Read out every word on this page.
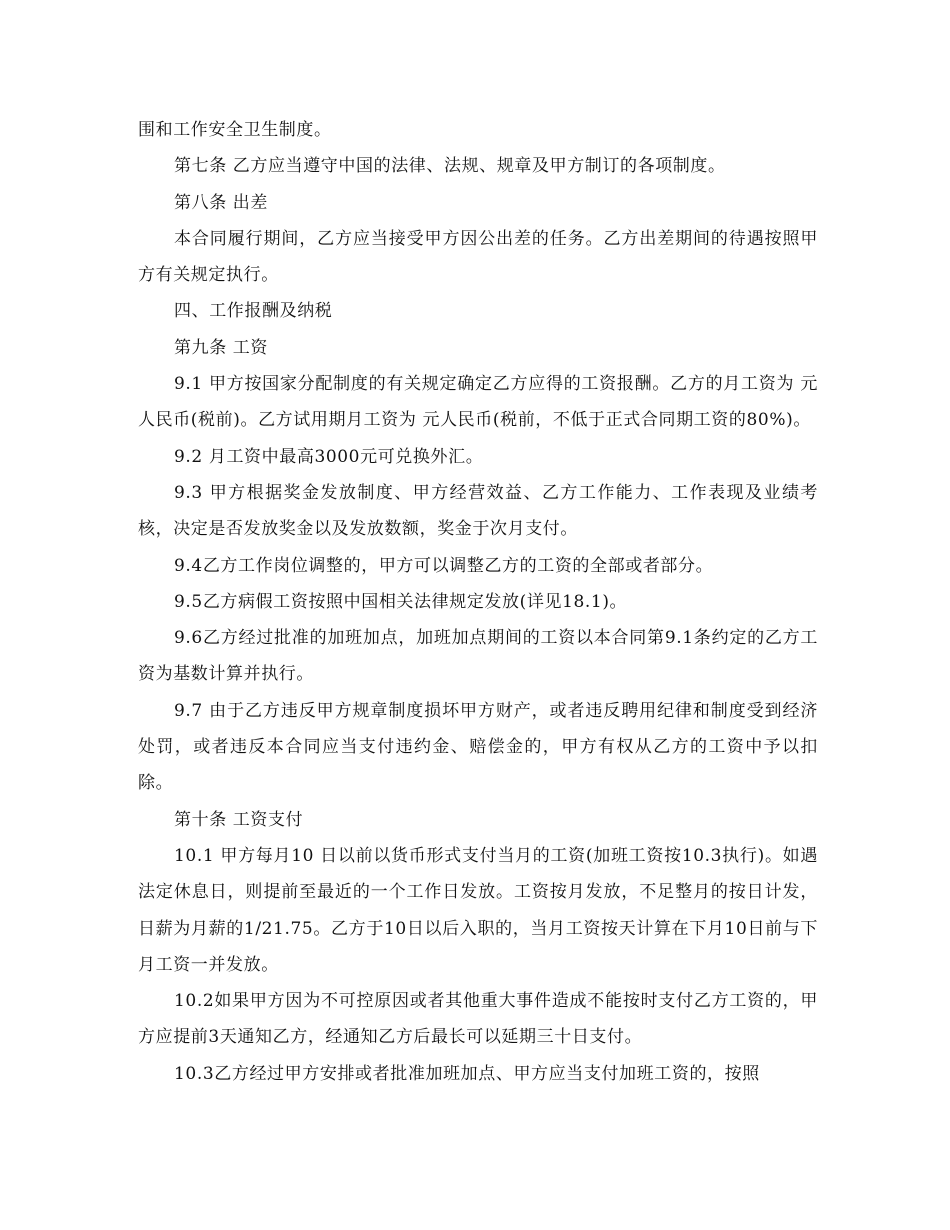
围和工作安全卫生制度。

第七条 乙方应当遵守中国的法律、法规、规章及甲方制订的各项制度。

第八条 出差

本合同履行期间，乙方应当接受甲方因公出差的任务。乙方出差期间的待遇按照甲方有关规定执行。

四、工作报酬及纳税

第九条 工资

9.1 甲方按国家分配制度的有关规定确定乙方应得的工资报酬。乙方的月工资为 元人民币(税前)。乙方试用期月工资为 元人民币(税前，不低于正式合同期工资的80%)。

9.2 月工资中最高3000元可兑换外汇。

9.3 甲方根据奖金发放制度、甲方经营效益、乙方工作能力、工作表现及业绩考核，决定是否发放奖金以及发放数额，奖金于次月支付。

9.4乙方工作岗位调整的，甲方可以调整乙方的工资的全部或者部分。

9.5乙方病假工资按照中国相关法律规定发放(详见18.1)。

9.6乙方经过批准的加班加点，加班加点期间的工资以本合同第9.1条约定的乙方工资为基数计算并执行。

9.7 由于乙方违反甲方规章制度损坏甲方财产，或者违反聘用纪律和制度受到经济处罚，或者违反本合同应当支付违约金、赔偿金的，甲方有权从乙方的工资中予以扣除。

第十条 工资支付

10.1 甲方每月10 日以前以货币形式支付当月的工资(加班工资按10.3执行)。如遇法定休息日，则提前至最近的一个工作日发放。工资按月发放，不足整月的按日计发，日薪为月薪的1/21.75。乙方于10日以后入职的，当月工资按天计算在下月10日前与下月工资一并发放。

10.2如果甲方因为不可控原因或者其他重大事件造成不能按时支付乙方工资的，甲方应提前3天通知乙方，经通知乙方后最长可以延期三十日支付。

10.3乙方经过甲方安排或者批准加班加点、甲方应当支付加班工资的，按照
